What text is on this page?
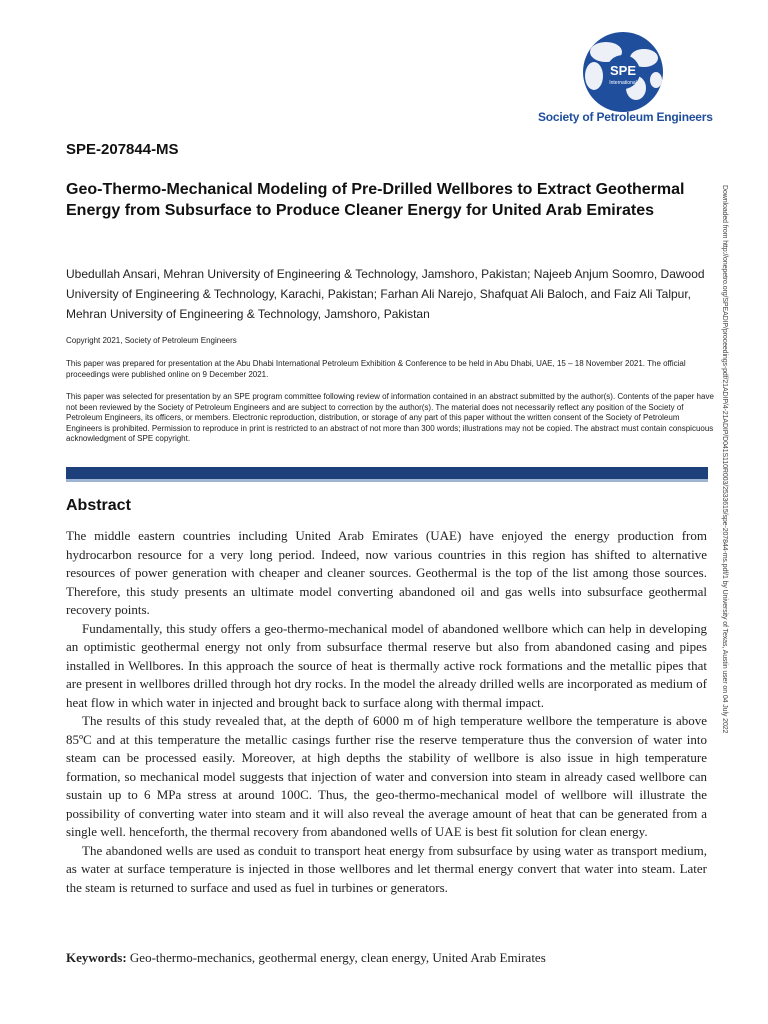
SPE
International
Society of Petroleum Engineers
SPE-207844-MS
Geo-Thermo-Mechanical Modeling of Pre-Drilled Wellbores to Extract Geothermal Energy from Subsurface to Produce Cleaner Energy for United Arab Emirates
Ubedullah Ansari, Mehran University of Engineering & Technology, Jamshoro, Pakistan; Najeeb Anjum Soomro, Dawood University of Engineering & Technology, Karachi, Pakistan; Farhan Ali Narejo, Shafquat Ali Baloch, and Faiz Ali Talpur, Mehran University of Engineering & Technology, Jamshoro, Pakistan
Copyright 2021, Society of Petroleum Engineers
This paper was prepared for presentation at the Abu Dhabi International Petroleum Exhibition & Conference to be held in Abu Dhabi, UAE, 15 – 18 November 2021. The official proceedings were published online on 9 December 2021.
This paper was selected for presentation by an SPE program committee following review of information contained in an abstract submitted by the author(s). Contents of the paper have not been reviewed by the Society of Petroleum Engineers and are subject to correction by the author(s). The material does not necessarily reflect any position of the Society of Petroleum Engineers, its officers, or members. Electronic reproduction, distribution, or storage of any part of this paper without the written consent of the Society of Petroleum Engineers is prohibited. Permission to reproduce in print is restricted to an abstract of not more than 300 words; illustrations may not be copied. The abstract must contain conspicuous acknowledgment of SPE copyright.
Abstract

The middle eastern countries including United Arab Emirates (UAE) have enjoyed the energy production from hydrocarbon resource for a very long period. Indeed, now various countries in this region has shifted to alternative resources of power generation with cheaper and cleaner sources. Geothermal is the top of the list among those sources. Therefore, this study presents an ultimate model converting abandoned oil and gas wells into subsurface geothermal recovery points.

Fundamentally, this study offers a geo-thermo-mechanical model of abandoned wellbore which can help in developing an optimistic geothermal energy not only from subsurface thermal reserve but also from abandoned casing and pipes installed in Wellbores. In this approach the source of heat is thermally active rock formations and the metallic pipes that are present in wellbores drilled through hot dry rocks. In the model the already drilled wells are incorporated as medium of heat flow in which water in injected and brought back to surface along with thermal impact.

The results of this study revealed that, at the depth of 6000 m of high temperature wellbore the temperature is above 85ºC and at this temperature the metallic casings further rise the reserve temperature thus the conversion of water into steam can be processed easily. Moreover, at high depths the stability of wellbore is also issue in high temperature formation, so mechanical model suggests that injection of water and conversion into steam in already cased wellbore can sustain up to 6 MPa stress at around 100C. Thus, the geo-thermo-mechanical model of wellbore will illustrate the possibility of converting water into steam and it will also reveal the average amount of heat that can be generated from a single well. henceforth, the thermal recovery from abandoned wells of UAE is best fit solution for clean energy.

The abandoned wells are used as conduit to transport heat energy from subsurface by using water as transport medium, as water at surface temperature is injected in those wellbores and let thermal energy convert that water into steam. Later the steam is returned to surface and used as fuel in turbines or generators.

Keywords: Geo-thermo-mechanics, geothermal energy, clean energy, United Arab Emirates
Downloaded from http://onepetro.org/SPEADIP/proceedings-pdf/21ADIP/4-21ADIP/D041S110R003/2533615/spe-207844-ms.pdf/1 by University of Texas, Austin user on 04 July 2022
